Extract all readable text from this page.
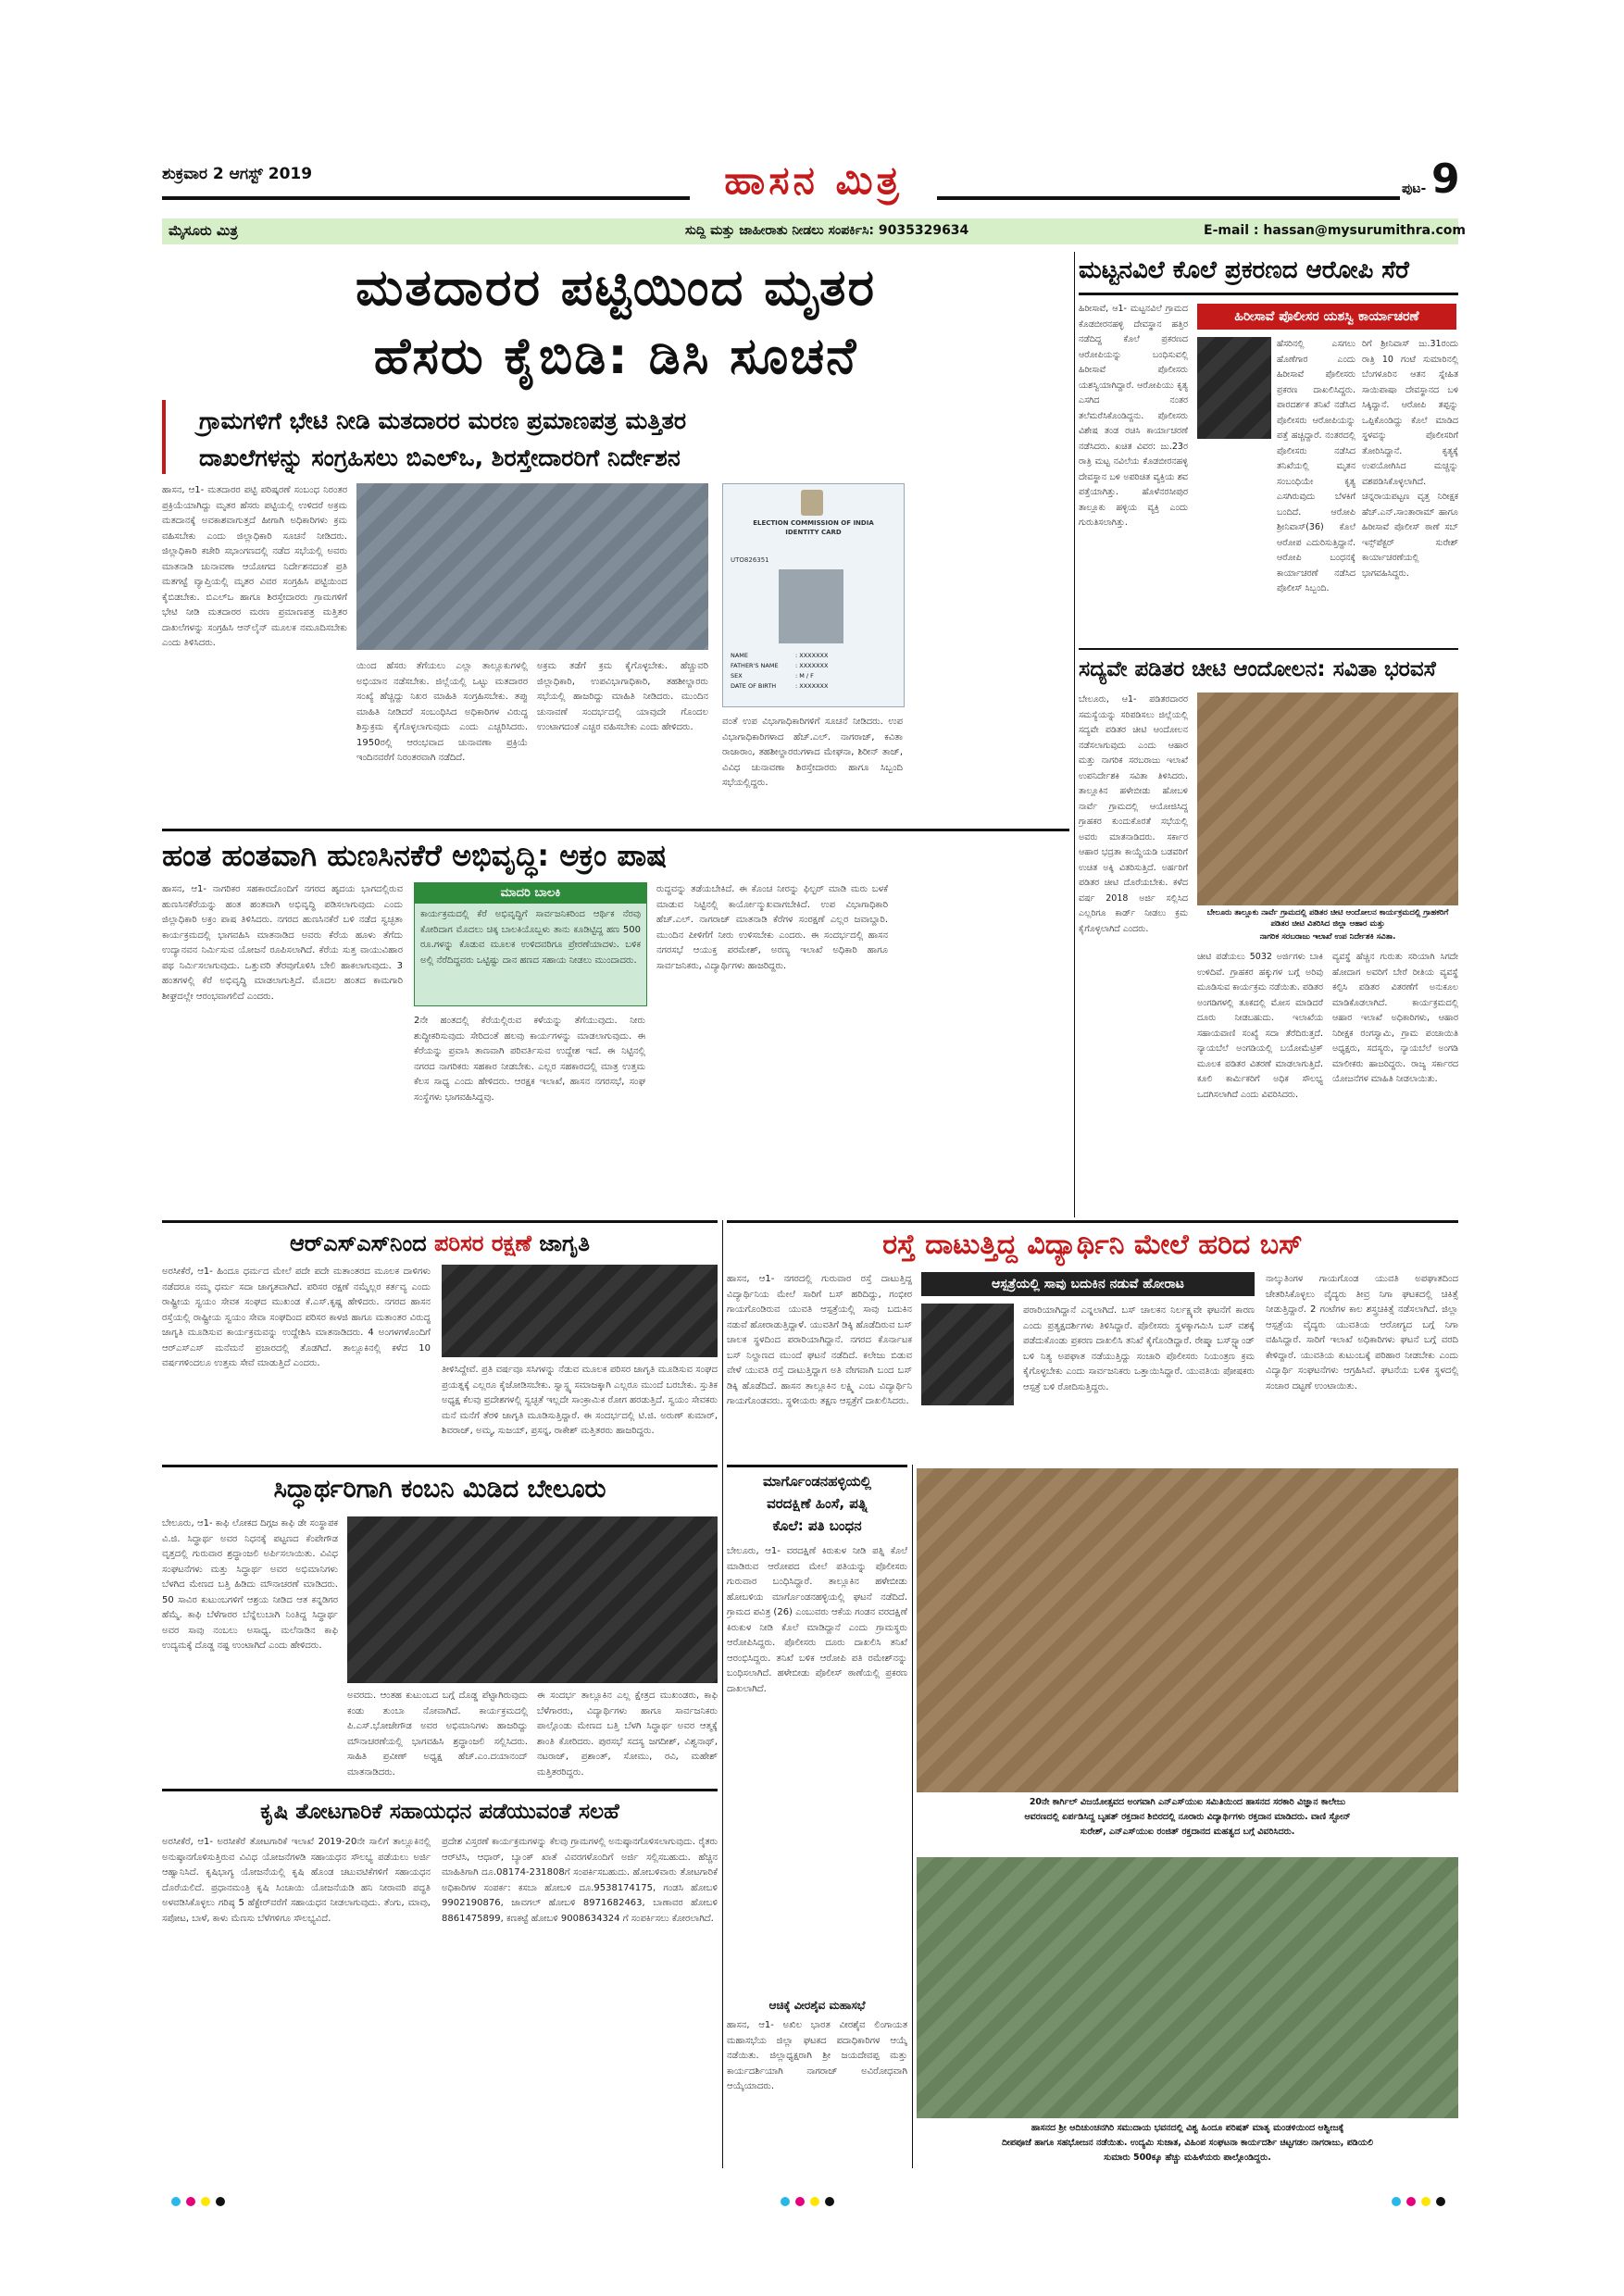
ಶುಕ್ರವಾರ 2 ಆಗಸ್ಟ್ 2019	ಹಾಸನ ಮಿತ್ರ	ಪುಟ- 9
ಮೈಸೂರು ಮಿತ್ರ	ಸುದ್ದಿ ಮತ್ತು ಜಾಹೀರಾತು ನೀಡಲು ಸಂಪರ್ಕಿಸಿ: 9035329634	E-mail : hassan@mysurumithra.com
ಮತದಾರರ ಪಟ್ಟಿಯಿಂದ ಮೃತರ
ಹೆಸರು ಕೈಬಿಡಿ: ಡಿಸಿ ಸೂಚನೆ
ಗ್ರಾಮಗಳಿಗೆ ಭೇಟಿ ನೀಡಿ ಮತದಾರರ ಮರಣ ಪ್ರಮಾಣಪತ್ರ ಮತ್ತಿತರ
ದಾಖಲೆಗಳನ್ನು ಸಂಗ್ರಹಿಸಲು ಬಿಎಲ್‌ಒ, ಶಿರಸ್ತೇದಾರರಿಗೆ ನಿರ್ದೇಶನ
ಹಾಸನ, ಆ1- ಮತದಾರರ ಪಟ್ಟಿ ಪರಿಷ್ಕರಣೆ ಸಂಬಂಧ ನಿರಂತರ ಪ್ರಕ್ರಿಯೆಯಾಗಿದ್ದು ಮೃತರ ಹೆಸರು ಪಟ್ಟಿಯಲ್ಲಿ ಉಳಿದರೆ ಅಕ್ರಮ ಮತದಾನಕ್ಕೆ ಅವಕಾಶವಾಗುತ್ತದೆ ಹೀಗಾಗಿ ಅಧಿಕಾರಿಗಳು ಕ್ರಮ ವಹಿಸಬೇಕು ಎಂದು ಜಿಲ್ಲಾಧಿಕಾರಿ ಸೂಚನೆ ನೀಡಿದರು. ಜಿಲ್ಲಾಧಿಕಾರಿ ಕಚೇರಿ ಸಭಾಂಗಣದಲ್ಲಿ ನಡೆದ ಸಭೆಯಲ್ಲಿ ಅವರು ಮಾತನಾಡಿ ಚುನಾವಣಾ ಆಯೋಗದ ನಿರ್ದೇಶನದಂತೆ ಪ್ರತಿ ಮತಗಟ್ಟೆ ವ್ಯಾಪ್ತಿಯಲ್ಲಿ ಮೃತರ ವಿವರ ಸಂಗ್ರಹಿಸಿ ಪಟ್ಟಿಯಿಂದ ಕೈಬಿಡಬೇಕು. ಬಿಎಲ್‌ಒ ಹಾಗೂ ಶಿರಸ್ತೇದಾರರು ಗ್ರಾಮಗಳಿಗೆ ಭೇಟಿ ನೀಡಿ ಮತದಾರರ ಮರಣ ಪ್ರಮಾಣಪತ್ರ ಮತ್ತಿತರ ದಾಖಲೆಗಳನ್ನು ಸಂಗ್ರಹಿಸಿ ಆನ್‌ಲೈನ್ ಮೂಲಕ ನಮೂದಿಸಬೇಕು ಎಂದು ತಿಳಿಸಿದರು.
ಯಿಂದ ಹೆಸರು ತೆಗೆಯಲು ಎಲ್ಲಾ ತಾಲ್ಲೂಕುಗಳಲ್ಲಿ ಅಭಿಯಾನ ನಡೆಸಬೇಕು. ಜಿಲ್ಲೆಯಲ್ಲಿ ಒಟ್ಟು ಮತದಾರರ ಸಂಖ್ಯೆ ಹೆಚ್ಚಿದ್ದು ನಿಖರ ಮಾಹಿತಿ ಸಂಗ್ರಹಿಸಬೇಕು. ತಪ್ಪು ಮಾಹಿತಿ ನೀಡಿದರೆ ಸಂಬಂಧಿಸಿದ ಅಧಿಕಾರಿಗಳ ವಿರುದ್ಧ ಶಿಸ್ತುಕ್ರಮ ಕೈಗೊಳ್ಳಲಾಗುವುದು ಎಂದು ಎಚ್ಚರಿಸಿದರು. 1950ರಲ್ಲಿ ಆರಂಭವಾದ ಚುನಾವಣಾ ಪ್ರಕ್ರಿಯೆ ಇಂದಿನವರೆಗೆ ನಿರಂತರವಾಗಿ ನಡೆದಿದೆ.
ಅಕ್ರಮ ತಡೆಗೆ ಕ್ರಮ ಕೈಗೊಳ್ಳಬೇಕು. ಹೆಚ್ಚುವರಿ ಜಿಲ್ಲಾಧಿಕಾರಿ, ಉಪವಿಭಾಗಾಧಿಕಾರಿ, ತಹಶೀಲ್ದಾರರು ಸಭೆಯಲ್ಲಿ ಹಾಜರಿದ್ದು ಮಾಹಿತಿ ನೀಡಿದರು. ಮುಂದಿನ ಚುನಾವಣೆ ಸಂದರ್ಭದಲ್ಲಿ ಯಾವುದೇ ಗೊಂದಲ ಉಂಟಾಗದಂತೆ ಎಚ್ಚರ ವಹಿಸಬೇಕು ಎಂದು ಹೇಳಿದರು.
ELECTION COMMISSION OF INDIA
IDENTITY CARD
UTO826351
NAME	: XXXXXXX
FATHER'S NAME	: XXXXXXX
SEX	: M / F
DATE OF BIRTH	: XXXXXXX
ವಂತೆ ಉಪ ವಿಭಾಗಾಧಿಕಾರಿಗಳಿಗೆ ಸೂಚನೆ ನೀಡಿದರು. ಉಪ ವಿಭಾಗಾಧಿಕಾರಿಗಳಾದ ಹೆಚ್.ಎಲ್. ನಾಗರಾಜ್, ಕವಿತಾ ರಾಜಾರಾಂ, ತಹಶೀಲ್ದಾರರುಗಳಾದ ಮೇಘನಾ, ಶಿರೀನ್ ತಾಜ್, ವಿವಿಧ ಚುನಾವಣಾ ಶಿರಸ್ತೇದಾರರು ಹಾಗೂ ಸಿಬ್ಬಂದಿ ಸಭೆಯಲ್ಲಿದ್ದರು.
ಮಟ್ಟನವಿಲೆ ಕೊಲೆ ಪ್ರಕರಣದ ಆರೋಪಿ ಸೆರೆ
ಹಿರೀಸಾವೆ, ಆ1- ಮಟ್ಟನವಿಲೆ ಗ್ರಾಮದ ಕೊಡಬೀರನಹಳ್ಳಿ ದೇವಸ್ಥಾನ ಹತ್ತಿರ ನಡೆದಿದ್ದ ಕೊಲೆ ಪ್ರಕರಣದ ಆರೋಪಿಯನ್ನು ಬಂಧಿಸುವಲ್ಲಿ ಹಿರೀಸಾವೆ ಪೊಲೀಸರು ಯಶಸ್ವಿಯಾಗಿದ್ದಾರೆ. ಆರೋಪಿಯು ಕೃತ್ಯ ಎಸಗಿದ ನಂತರ ತಲೆಮರೆಸಿಕೊಂಡಿದ್ದನು. ಪೊಲೀಸರು ವಿಶೇಷ ತಂಡ ರಚಿಸಿ ಕಾರ್ಯಾಚರಣೆ ನಡೆಸಿದರು. ಖಚಿತ ವಿವರ: ಜು.23ರ ರಾತ್ರಿ ಮಟ್ಟ ನವಿಲೆಯ ಕೊಡಬೀರನಹಳ್ಳಿ ದೇವಸ್ಥಾನ ಬಳಿ ಅಪರಿಚಿತ ವ್ಯಕ್ತಿಯ ಶವ ಪತ್ತೆಯಾಗಿತ್ತು. ಹೊಳೆನರಸೀಪುರ ತಾಲ್ಲೂಕು ಹಳ್ಳಿಯ ವ್ಯಕ್ತಿ ಎಂದು ಗುರುತಿಸಲಾಗಿತ್ತು.
ಹಿರೀಸಾವೆ ಪೊಲೀಸರ ಯಶಸ್ವಿ ಕಾರ್ಯಾಚರಣೆ
ಹೆಸರಿನಲ್ಲಿ ಎಸಗಲು ಹೊಣೆಗಾರ ಎಂದು ಹಿರೀಸಾವೆ ಪೊಲೀಸರು ಪ್ರಕರಣ ದಾಖಲಿಸಿದ್ದರು. ಪಾರದರ್ಶಕ ತನಿಖೆ ನಡೆಸಿದ ಪೊಲೀಸರು ಆರೋಪಿಯನ್ನು ಪತ್ತೆ ಹಚ್ಚಿದ್ದಾರೆ. ನಂತರದಲ್ಲಿ ಪೊಲೀಸರು ನಡೆಸಿದ ತನಿಖೆಯಲ್ಲಿ ಮೃತನ ಸಂಬಂಧಿಯೇ ಕೃತ್ಯ ಎಸಗಿರುವುದು ಬೆಳಕಿಗೆ ಬಂದಿದೆ. ಆರೋಪಿ ಶ್ರೀನಿವಾಸ್(36) ಕೊಲೆ ಆರೋಪ ಎದುರಿಸುತ್ತಿದ್ದಾನೆ. ಆರೋಪಿ ಬಂಧನಕ್ಕೆ ಕಾರ್ಯಾಚರಣೆ ನಡೆಸಿದ ಪೊಲೀಸ್ ಸಿಬ್ಬಂದಿ.
ರಿಗೆ ಶ್ರೀನಿವಾಸ್ ಜು.31ರಂದು ರಾತ್ರಿ 10 ಗಂಟೆ ಸುಮಾರಿನಲ್ಲಿ ಬೆಂಗಳೂರಿನ ಆತನ ಸ್ನೇಹಿತ ಸಾಯಿಪಾಷಾ ದೇವಸ್ಥಾನದ ಬಳಿ ಸಿಕ್ಕಿದ್ದಾನೆ. ಆರೋಪಿ ತಪ್ಪನ್ನು ಒಪ್ಪಿಕೊಂಡಿದ್ದು ಕೊಲೆ ಮಾಡಿದ ಸ್ಥಳವನ್ನು ಪೊಲೀಸರಿಗೆ ತೋರಿಸಿದ್ದಾನೆ. ಕೃತ್ಯಕ್ಕೆ ಉಪಯೋಗಿಸಿದ ಮಚ್ಚನ್ನು ವಶಪಡಿಸಿಕೊಳ್ಳಲಾಗಿದೆ. ಚನ್ನರಾಯಪಟ್ಟಣ ವೃತ್ತ ನಿರೀಕ್ಷಕ ಹೆಚ್.ಎನ್.ಸಾಂತಾರಾಮ್ ಹಾಗೂ ಹಿರೀಸಾವೆ ಪೊಲೀಸ್ ಠಾಣೆ ಸಬ್ ಇನ್ಸ್‌ಪೆಕ್ಟರ್ ಸುರೇಶ್ ಕಾರ್ಯಾಚರಣೆಯಲ್ಲಿ ಭಾಗವಹಿಸಿದ್ದರು.
ಸದ್ಯವೇ ಪಡಿತರ ಚೀಟಿ ಆಂದೋಲನ: ಸವಿತಾ ಭರವಸೆ
ಬೇಲೂರು, ಆ1- ಪಡಿತರದಾರರ ಸಮಸ್ಯೆಯನ್ನು ಸರಿಪಡಿಸಲು ಜಿಲ್ಲೆಯಲ್ಲಿ ಸದ್ಯವೇ ಪಡಿತರ ಚೀಟಿ ಆಂದೋಲನ ನಡೆಸಲಾಗುವುದು ಎಂದು ಆಹಾರ ಮತ್ತು ನಾಗರಿಕ ಸರಬರಾಜು ಇಲಾಖೆ ಉಪನಿರ್ದೇಶಕಿ ಸವಿತಾ ತಿಳಿಸಿದರು. ತಾಲ್ಲೂಕಿನ ಹಳೇಬೀಡು ಹೋಬಳಿ ನಾರ್ವೆ ಗ್ರಾಮದಲ್ಲಿ ಆಯೋಜಿಸಿದ್ದ ಗ್ರಾಹಕರ ಕುಂದುಕೊರತೆ ಸಭೆಯಲ್ಲಿ ಅವರು ಮಾತನಾಡಿದರು. ಸರ್ಕಾರ ಆಹಾರ ಭದ್ರತಾ ಕಾಯ್ದೆಯಡಿ ಬಡವರಿಗೆ ಉಚಿತ ಅಕ್ಕಿ ವಿತರಿಸುತ್ತಿದೆ. ಅರ್ಹರಿಗೆ ಪಡಿತರ ಚೀಟಿ ದೊರೆಯಬೇಕು. ಕಳೆದ ವರ್ಷ 2018 ಅರ್ಜಿ ಸಲ್ಲಿಸಿದ ಎಲ್ಲರಿಗೂ ಕಾರ್ಡ್ ನೀಡಲು ಕ್ರಮ ಕೈಗೊಳ್ಳಲಾಗಿದೆ ಎಂದರು.
ಬೇಲೂರು ತಾಲ್ಲೂಕು ನಾರ್ವೆ ಗ್ರಾಮದಲ್ಲಿ ಪಡಿತರ ಚೀಟಿ ಆಂದೋಲನ ಕಾರ್ಯಕ್ರಮದಲ್ಲಿ ಗ್ರಾಹಕರಿಗೆ ಪಡಿತರ ಚೀಟಿ ವಿತರಿಸಿದ ಜಿಲ್ಲಾ ಆಹಾರ ಮತ್ತು
ನಾಗರಿಕ ಸರಬರಾಜು ಇಲಾಖೆ ಉಪ ನಿರ್ದೇಶಕಿ ಸವಿತಾ.
ಚೀಟಿ ಪಡೆಯಲು 5032 ಅರ್ಜಿಗಳು ಬಾಕಿ ಉಳಿದಿವೆ. ಗ್ರಾಹಕರ ಹಕ್ಕುಗಳ ಬಗ್ಗೆ ಅರಿವು ಮೂಡಿಸುವ ಕಾರ್ಯಕ್ರಮ ನಡೆಯಿತು. ಪಡಿತರ ಅಂಗಡಿಗಳಲ್ಲಿ ತೂಕದಲ್ಲಿ ಮೋಸ ಮಾಡಿದರೆ ದೂರು ನೀಡಬಹುದು. ಇಲಾಖೆಯ ಸಹಾಯವಾಣಿ ಸಂಖ್ಯೆ ಸದಾ ತೆರೆದಿರುತ್ತದೆ. ನ್ಯಾಯಬೆಲೆ ಅಂಗಡಿಯಲ್ಲಿ ಬಯೋಮೆಟ್ರಿಕ್ ಮೂಲಕ ಪಡಿತರ ವಿತರಣೆ ಮಾಡಲಾಗುತ್ತಿದೆ. ಕೂಲಿ ಕಾರ್ಮಿಕರಿಗೆ ಅಧಿಕ ಸೌಲಭ್ಯ ಒದಗಿಸಲಾಗಿದೆ ಎಂದು ವಿವರಿಸಿದರು.
ವ್ಯವಸ್ಥೆ ಹೆಚ್ಚಿನ ಗುರುತು ಸರಿಯಾಗಿ ಸಿಗದೇ ಹೋದಾಗ ಅವರಿಗೆ ಬೇರೆ ರೀತಿಯ ವ್ಯವಸ್ಥೆ ಕಲ್ಪಿಸಿ ಪಡಿತರ ವಿತರಣೆಗೆ ಅನುಕೂಲ ಮಾಡಿಕೊಡಲಾಗಿದೆ. ಕಾರ್ಯಕ್ರಮದಲ್ಲಿ ಆಹಾರ ಇಲಾಖೆ ಅಧಿಕಾರಿಗಳು, ಆಹಾರ ನಿರೀಕ್ಷಕ ರಂಗಸ್ವಾಮಿ, ಗ್ರಾಮ ಪಂಚಾಯಿತಿ ಅಧ್ಯಕ್ಷರು, ಸದಸ್ಯರು, ನ್ಯಾಯಬೆಲೆ ಅಂಗಡಿ ಮಾಲೀಕರು ಹಾಜರಿದ್ದರು. ರಾಜ್ಯ ಸರ್ಕಾರದ ಯೋಜನೆಗಳ ಮಾಹಿತಿ ನೀಡಲಾಯಿತು.
ಹಂತ ಹಂತವಾಗಿ ಹುಣಸಿನಕೆರೆ ಅಭಿವೃದ್ಧಿ: ಅಕ್ರಂ ಪಾಷ
ಹಾಸನ, ಆ1- ನಾಗರಿಕರ ಸಹಕಾರದೊಂದಿಗೆ ನಗರದ ಹೃದಯ ಭಾಗದಲ್ಲಿರುವ ಹುಣಸಿನಕೆರೆಯನ್ನು ಹಂತ ಹಂತವಾಗಿ ಅಭಿವೃದ್ಧಿ ಪಡಿಸಲಾಗುವುದು ಎಂದು ಜಿಲ್ಲಾಧಿಕಾರಿ ಅಕ್ರಂ ಪಾಷ ತಿಳಿಸಿದರು. ನಗರದ ಹುಣಸಿನಕೆರೆ ಬಳಿ ನಡೆದ ಸ್ವಚ್ಛತಾ ಕಾರ್ಯಕ್ರಮದಲ್ಲಿ ಭಾಗವಹಿಸಿ ಮಾತನಾಡಿದ ಅವರು ಕೆರೆಯ ಹೂಳು ತೆಗೆದು ಉದ್ಯಾನವನ ನಿರ್ಮಿಸುವ ಯೋಜನೆ ರೂಪಿಸಲಾಗಿದೆ. ಕೆರೆಯ ಸುತ್ತ ವಾಯುವಿಹಾರ ಪಥ ನಿರ್ಮಿಸಲಾಗುವುದು. ಒತ್ತುವರಿ ತೆರವುಗೊಳಿಸಿ ಬೇಲಿ ಹಾಕಲಾಗುವುದು. 3 ಹಂತಗಳಲ್ಲಿ ಕೆರೆ ಅಭಿವೃದ್ಧಿ ಮಾಡಲಾಗುತ್ತಿದೆ. ಮೊದಲ ಹಂತದ ಕಾಮಗಾರಿ ಶೀಘ್ರದಲ್ಲೇ ಆರಂಭವಾಗಲಿದೆ ಎಂದರು.
ಮಾದರಿ ಬಾಲಕಿ
ಕಾರ್ಯಕ್ರಮದಲ್ಲಿ ಕೆರೆ ಅಭಿವೃದ್ಧಿಗೆ ಸಾರ್ವಜನಿಕರಿಂದ ಆರ್ಥಿಕ ನೆರವು ಕೋರಿದಾಗ ಮೊದಲು ಚಿಕ್ಕ ಬಾಲಕಿಯೊಬ್ಬಳು ತಾನು ಕೂಡಿಟ್ಟಿದ್ದ ಹಣ 500 ರೂ.ಗಳನ್ನು ಕೊಡುವ ಮೂಲಕ ಉಳಿದವರಿಗೂ ಪ್ರೇರಣೆಯಾದಳು. ಬಳಿಕ ಅಲ್ಲಿ ನೆರೆದಿದ್ದವರು ಒಟ್ಟಿಷ್ಟು ದಾನ ಹಣದ ಸಹಾಯ ನೀಡಲು ಮುಂದಾದರು.
2ನೇ ಹಂತದಲ್ಲಿ ಕೆರೆಯಲ್ಲಿರುವ ಕಳೆಯನ್ನು ತೆಗೆಯುವುದು. ನೀರು ಶುದ್ಧೀಕರಿಸುವುದು ಸೇರಿದಂತೆ ಹಲವು ಕಾರ್ಯಗಳನ್ನು ಮಾಡಲಾಗುವುದು. ಈ ಕೆರೆಯನ್ನು ಪ್ರವಾಸಿ ತಾಣವಾಗಿ ಪರಿವರ್ತಿಸುವ ಉದ್ದೇಶ ಇದೆ. ಈ ನಿಟ್ಟಿನಲ್ಲಿ ನಗರದ ನಾಗರಿಕರು ಸಹಕಾರ ನೀಡಬೇಕು. ಎಲ್ಲರ ಸಹಕಾರದಲ್ಲಿ ಮಾತ್ರ ಉತ್ತಮ ಕೆಲಸ ಸಾಧ್ಯ ಎಂದು ಹೇಳಿದರು. ಆರಕ್ಷಕ ಇಲಾಖೆ, ಹಾಸನ ನಗರಸಭೆ, ಸಂಘ ಸಂಸ್ಥೆಗಳು ಭಾಗವಹಿಸಿದ್ದವು.
ರುದ್ಧವನ್ನು ತಡೆಯಬೇಕಿದೆ. ಈ ಕೊಂಚ ನೀರನ್ನು ಫಿಲ್ಟರ್ ಮಾಡಿ ಮರು ಬಳಕೆ ಮಾಡುವ ನಿಟ್ಟಿನಲ್ಲಿ ಕಾರ್ಯೋನ್ಮುಖವಾಗಬೇಕಿದೆ. ಉಪ ವಿಭಾಗಾಧಿಕಾರಿ ಹೆಚ್.ಎಲ್. ನಾಗರಾಜ್ ಮಾತನಾಡಿ ಕೆರೆಗಳ ಸಂರಕ್ಷಣೆ ಎಲ್ಲರ ಜವಾಬ್ದಾರಿ. ಮುಂದಿನ ಪೀಳಿಗೆಗೆ ನೀರು ಉಳಿಸಬೇಕು ಎಂದರು. ಈ ಸಂದರ್ಭದಲ್ಲಿ ಹಾಸನ ನಗರಸಭೆ ಆಯುಕ್ತ ಪರಮೇಶ್, ಅರಣ್ಯ ಇಲಾಖೆ ಅಧಿಕಾರಿ ಹಾಗೂ ಸಾರ್ವಜನಿಕರು, ವಿದ್ಯಾರ್ಥಿಗಳು ಹಾಜರಿದ್ದರು.
ಆರ್‌ಎಸ್‌ಎಸ್‌ನಿಂದ ಪರಿಸರ ರಕ್ಷಣೆ ಜಾಗೃತಿ
ಅರಸೀಕೆರೆ, ಆ1- ಹಿಂದೂ ಧರ್ಮದ ಮೇಲೆ ಪದೇ ಪದೇ ಮತಾಂತರದ ಮೂಲಕ ದಾಳಿಗಳು ನಡೆದರೂ ನಮ್ಮ ಧರ್ಮ ಸದಾ ಜಾಗೃತವಾಗಿದೆ. ಪರಿಸರ ರಕ್ಷಣೆ ನಮ್ಮೆಲ್ಲರ ಕರ್ತವ್ಯ ಎಂದು ರಾಷ್ಟ್ರೀಯ ಸ್ವಯಂ ಸೇವಕ ಸಂಘದ ಮುಖಂಡ ಕೆ.ಎಸ್.ಕೃಷ್ಣ ಹೇಳಿದರು. ನಗರದ ಹಾಸನ ರಸ್ತೆಯಲ್ಲಿ ರಾಷ್ಟ್ರೀಯ ಸ್ವಯಂ ಸೇವಾ ಸಂಘದಿಂದ ಪರಿಸರ ಕಾಳಜಿ ಹಾಗೂ ಮತಾಂತರ ವಿರುದ್ಧ ಜಾಗೃತಿ ಮೂಡಿಸುವ ಕಾರ್ಯಕ್ರಮವನ್ನು ಉದ್ದೇಶಿಸಿ ಮಾತನಾಡಿದರು. 4 ಅಂಗಳಗಳೊಂದಿಗೆ ಆರ್‌ಎಸ್‌ಎಸ್ ಮನೆಮನೆ ಪ್ರಚಾರದಲ್ಲಿ ತೊಡಗಿದೆ. ತಾಲ್ಲೂಕಿನಲ್ಲಿ ಕಳೆದ 10 ವರ್ಷಗಳಿಂದಲೂ ಉತ್ತಮ ಸೇವೆ ಮಾಡುತ್ತಿದೆ ಎಂದರು.
ತೀಳಿಸಿದ್ದೇವೆ. ಪ್ರತಿ ವರ್ಷವೂ ಸಸಿಗಳನ್ನು ನೆಡುವ ಮೂಲಕ ಪರಿಸರ ಜಾಗೃತಿ ಮೂಡಿಸುವ ಸಂಘದ ಪ್ರಯತ್ನಕ್ಕೆ ಎಲ್ಲರೂ ಕೈಜೋಡಿಸಬೇಕು. ಸ್ವಾಸ್ಥ್ಯ ಸಮಾಜಕ್ಕಾಗಿ ಎಲ್ಲರೂ ಮುಂದೆ ಬರಬೇಕು. ಸ್ತುತಿಕ ಅಧ್ಯಕ್ಷ ಕೆಲವು ಪ್ರದೇಶಗಳಲ್ಲಿ ಸ್ವಚ್ಛತೆ ಇಲ್ಲದೇ ಸಾಂಕ್ರಾಮಿಕ ರೋಗ ಹರಡುತ್ತಿದೆ. ಸ್ವಯಂ ಸೇವಕರು ಮನೆ ಮನೆಗೆ ತೆರಳಿ ಜಾಗೃತಿ ಮೂಡಿಸುತ್ತಿದ್ದಾರೆ. ಈ ಸಂದರ್ಭದಲ್ಲಿ ಟಿ.ಜಿ. ಅರುಣ್ ಕುಮಾರ್, ಶಿವರಾಜ್, ಅಮ್ಮ, ಸುಜಯ್, ಪ್ರಸನ್ನ, ರಾಕೇಶ್ ಮತ್ತಿತರರು ಹಾಜರಿದ್ದರು.
ರಸ್ತೆ ದಾಟುತ್ತಿದ್ದ ವಿದ್ಯಾರ್ಥಿನಿ ಮೇಲೆ ಹರಿದ ಬಸ್
ಹಾಸನ, ಆ1- ನಗರದಲ್ಲಿ ಗುರುವಾರ ರಸ್ತೆ ದಾಟುತ್ತಿದ್ದ ವಿದ್ಯಾರ್ಥಿನಿಯ ಮೇಲೆ ಸಾರಿಗೆ ಬಸ್ ಹರಿದಿದ್ದು, ಗಂಭೀರ ಗಾಯಗೊಂಡಿರುವ ಯುವತಿ ಆಸ್ಪತ್ರೆಯಲ್ಲಿ ಸಾವು ಬದುಕಿನ ನಡುವೆ ಹೋರಾಡುತ್ತಿದ್ದಾಳೆ. ಯುವತಿಗೆ ಡಿಕ್ಕಿ ಹೊಡೆದಿರುವ ಬಸ್ ಚಾಲಕ ಸ್ಥಳದಿಂದ ಪರಾರಿಯಾಗಿದ್ದಾನೆ. ನಗರದ ಕೊರ್ನಾಟಕ ಬಸ್ ನಿಲ್ದಾಣದ ಮುಂದೆ ಘಟನೆ ನಡೆದಿದೆ. ಕಲೇಜು ಬಿಡುವ ವೇಳೆ ಯುವತಿ ರಸ್ತೆ ದಾಟುತ್ತಿದ್ದಾಗ ಅತಿ ವೇಗವಾಗಿ ಬಂದ ಬಸ್ ಡಿಕ್ಕಿ ಹೊಡೆದಿದೆ. ಹಾಸನ ತಾಲ್ಲೂಕಿನ ಲಕ್ಷ್ಮಿ ಎಂಬ ವಿದ್ಯಾರ್ಥಿನಿ ಗಾಯಗೊಂಡವರು. ಸ್ಥಳೀಯರು ತಕ್ಷಣ ಆಸ್ಪತ್ರೆಗೆ ದಾಖಲಿಸಿದರು.
ಆಸ್ಪತ್ರೆಯಲ್ಲಿ ಸಾವು ಬದುಕಿನ ನಡುವೆ ಹೋರಾಟ
ಪರಾರಿಯಾಗಿದ್ದಾನೆ ಎನ್ನಲಾಗಿದೆ. ಬಸ್ ಚಾಲಕನ ನಿರ್ಲಕ್ಷ್ಯವೇ ಘಟನೆಗೆ ಕಾರಣ ಎಂದು ಪ್ರತ್ಯಕ್ಷದರ್ಶಿಗಳು ತಿಳಿಸಿದ್ದಾರೆ. ಪೊಲೀಸರು ಸ್ಥಳಕ್ಕಾಗಮಿಸಿ ಬಸ್ ವಶಕ್ಕೆ ಪಡೆದುಕೊಂಡು ಪ್ರಕರಣ ದಾಖಲಿಸಿ ತನಿಖೆ ಕೈಗೊಂಡಿದ್ದಾರೆ. ರೇಷ್ಮಾ ಬಸ್‌ಸ್ಟ್ಯಾಂಡ್ ಬಳಿ ನಿತ್ಯ ಅಪಘಾತ ನಡೆಯುತ್ತಿದ್ದು ಸಂಚಾರಿ ಪೊಲೀಸರು ನಿಯಂತ್ರಣ ಕ್ರಮ ಕೈಗೊಳ್ಳಬೇಕು ಎಂದು ಸಾರ್ವಜನಿಕರು ಒತ್ತಾಯಿಸಿದ್ದಾರೆ. ಯುವತಿಯ ಪೋಷಕರು ಆಸ್ಪತ್ರೆ ಬಳಿ ರೋದಿಸುತ್ತಿದ್ದರು.
ನಾಲ್ಕುತಿಂಗಳ ಗಾಯಗೊಂಡ ಯುವತಿ ಅಪಘಾತದಿಂದ ಚೇತರಿಸಿಕೊಳ್ಳಲು ವೈದ್ಯರು ತೀವ್ರ ನಿಗಾ ಘಟಕದಲ್ಲಿ ಚಿಕಿತ್ಸೆ ನೀಡುತ್ತಿದ್ದಾರೆ. 2 ಗಂಟೆಗಳ ಕಾಲ ಶಸ್ತ್ರಚಿಕಿತ್ಸೆ ನಡೆಸಲಾಗಿದೆ. ಜಿಲ್ಲಾ ಆಸ್ಪತ್ರೆಯ ವೈದ್ಯರು ಯುವತಿಯ ಆರೋಗ್ಯದ ಬಗ್ಗೆ ನಿಗಾ ವಹಿಸಿದ್ದಾರೆ. ಸಾರಿಗೆ ಇಲಾಖೆ ಅಧಿಕಾರಿಗಳು ಘಟನೆ ಬಗ್ಗೆ ವರದಿ ಕೇಳಿದ್ದಾರೆ. ಯುವತಿಯ ಕುಟುಂಬಕ್ಕೆ ಪರಿಹಾರ ನೀಡಬೇಕು ಎಂದು ವಿದ್ಯಾರ್ಥಿ ಸಂಘಟನೆಗಳು ಆಗ್ರಹಿಸಿವೆ. ಘಟನೆಯ ಬಳಿಕ ಸ್ಥಳದಲ್ಲಿ ಸಂಚಾರ ದಟ್ಟಣೆ ಉಂಟಾಯಿತು.
ಸಿದ್ಧಾರ್ಥರಿಗಾಗಿ ಕಂಬನಿ ಮಿಡಿದ ಬೇಲೂರು
ಬೇಲೂರು, ಆ1- ಕಾಫಿ ಲೋಕದ ದಿಗ್ಗಜ ಕಾಫಿ ಡೇ ಸಂಸ್ಥಾಪಕ ವಿ.ಜಿ. ಸಿದ್ಧಾರ್ಥ ಅವರ ನಿಧನಕ್ಕೆ ಪಟ್ಟಣದ ಕೆಂಪೇಗೌಡ ವೃತ್ತದಲ್ಲಿ ಗುರುವಾರ ಶ್ರದ್ಧಾಂಜಲಿ ಅರ್ಪಿಸಲಾಯಿತು. ವಿವಿಧ ಸಂಘಟನೆಗಳು ಮತ್ತು ಸಿದ್ಧಾರ್ಥ ಅವರ ಅಭಿಮಾನಿಗಳು ಬೆಳಗಿದ ಮೇಣದ ಬತ್ತಿ ಹಿಡಿದು ಮೌನಾಚರಣೆ ಮಾಡಿದರು. 50 ಸಾವಿರ ಕುಟುಂಬಗಳಿಗೆ ಆಶ್ರಯ ನೀಡಿದ ಆತ ಕನ್ನಡಿಗರ ಹೆಮ್ಮೆ. ಕಾಫಿ ಬೆಳೆಗಾರರ ಬೆನ್ನೆಲುಬಾಗಿ ನಿಂತಿದ್ದ ಸಿದ್ಧಾರ್ಥ ಅವರ ಸಾವು ನಂಬಲು ಅಸಾಧ್ಯ. ಮಲೆನಾಡಿನ ಕಾಫಿ ಉದ್ಯಮಕ್ಕೆ ದೊಡ್ಡ ನಷ್ಟ ಉಂಟಾಗಿದೆ ಎಂದು ಹೇಳಿದರು.
ಅವರದು. ಆಂತಹ ಕುಟುಂಬದ ಬಗ್ಗೆ ದೊಡ್ಡ ಪೆಟ್ಟಾಗಿರುವುದು ಕಂಡು ತುಂಬಾ ನೋವಾಗಿದೆ. ಕಾರ್ಯಕ್ರಮದಲ್ಲಿ ಪಿ.ಎಸ್.ಭೋಜೇಗೌಡ ಅವರ ಅಭಿಮಾನಿಗಳು ಹಾಜರಿದ್ದು ಮೌನಾಚರಣೆಯಲ್ಲಿ ಭಾಗವಹಿಸಿ ಶ್ರದ್ಧಾಂಜಲಿ ಸಲ್ಲಿಸಿದರು. ಸಾಹಿತಿ ಪ್ರವೀಣ್ ಅಧ್ಯಕ್ಷ ಹೆಚ್.ಎಂ.ದಯಾನಂದ್ ಮಾತನಾಡಿದರು.
ಈ ಸಂದರ್ಭ ತಾಲ್ಲೂಕಿನ ಎಲ್ಲ ಕ್ಷೇತ್ರದ ಮುಖಂಡರು, ಕಾಫಿ ಬೆಳೆಗಾರರು, ವಿದ್ಯಾರ್ಥಿಗಳು ಹಾಗೂ ಸಾರ್ವಜನಿಕರು ಪಾಲ್ಗೊಂಡು ಮೇಣದ ಬತ್ತಿ ಬೆಳಗಿ ಸಿದ್ಧಾರ್ಥ ಅವರ ಆತ್ಮಕ್ಕೆ ಶಾಂತಿ ಕೋರಿದರು. ಪುರಸಭೆ ಸದಸ್ಯ ಜಗದೀಶ್, ವಿಶ್ವನಾಥ್, ನಟರಾಜ್, ಪ್ರಶಾಂತ್, ಸೋಮು, ರವಿ, ಮಹೇಶ್ ಮತ್ತಿತರರಿದ್ದರು.
ಮಾರ್ಗೊಂಡನಹಳ್ಳಿಯಲ್ಲಿ
ವರದಕ್ಷಿಣೆ ಹಿಂಸೆ, ಪತ್ನಿ
ಕೊಲೆ: ಪತಿ ಬಂಧನ
ಬೇಲೂರು, ಆ1- ವರದಕ್ಷಿಣೆ ಕಿರುಕುಳ ನೀಡಿ ಪತ್ನಿ ಕೊಲೆ ಮಾಡಿರುವ ಆರೋಪದ ಮೇಲೆ ಪತಿಯನ್ನು ಪೊಲೀಸರು ಗುರುವಾರ ಬಂಧಿಸಿದ್ದಾರೆ. ತಾಲ್ಲೂಕಿನ ಹಳೇಬೀಡು ಹೋಬಳಿಯ ಮಾರ್ಗೊಂಡನಹಳ್ಳಿಯಲ್ಲಿ ಘಟನೆ ನಡೆದಿದೆ. ಗ್ರಾಮದ ಪವಿತ್ರ (26) ಎಂಬುವರು ಆಕೆಯ ಗಂಡನ ವರದಕ್ಷಿಣೆ ಕಿರುಕುಳ ನೀಡಿ ಕೊಲೆ ಮಾಡಿದ್ದಾನೆ ಎಂದು ಗ್ರಾಮಸ್ಥರು ಆರೋಪಿಸಿದ್ದರು. ಪೊಲೀಸರು ದೂರು ದಾಖಲಿಸಿ ತನಿಖೆ ಆರಂಭಿಸಿದ್ದರು. ತನಿಖೆ ಬಳಿಕ ಆರೋಪಿ ಪತಿ ರಮೇಶ್‌ನನ್ನು ಬಂಧಿಸಲಾಗಿದೆ. ಹಳೇಬೀಡು ಪೊಲೀಸ್ ಠಾಣೆಯಲ್ಲಿ ಪ್ರಕರಣ ದಾಖಲಾಗಿದೆ.
ಆಚಿಕ್ಕೆ ವೀರಶೈವ ಮಹಾಸಭೆ
ಹಾಸನ, ಆ1- ಅಖಿಲ ಭಾರತ ವೀರಶೈವ ಲಿಂಗಾಯತ ಮಹಾಸಭೆಯ ಜಿಲ್ಲಾ ಘಟಕದ ಪದಾಧಿಕಾರಿಗಳ ಆಯ್ಕೆ ನಡೆಯಿತು. ಜಿಲ್ಲಾಧ್ಯಕ್ಷರಾಗಿ ಶ್ರೀ ಜಯದೇವಪ್ಪ ಮತ್ತು ಕಾರ್ಯದರ್ಶಿಯಾಗಿ ನಾಗರಾಜ್ ಅವಿರೋಧವಾಗಿ ಆಯ್ಕೆಯಾದರು.
20ನೇ ಕಾರ್ಗಿಲ್ ವಿಜಯೋತ್ಸವದ ಅಂಗವಾಗಿ ಎನ್‌ಎಸ್‌ಯುಐ ಸಮಿತಿಯಿಂದ ಹಾಸನದ ಸರಕಾರಿ ವಿಜ್ಞಾನ ಕಾಲೇಜು
ಆವರಣದಲ್ಲಿ ಏರ್ಪಡಿಸಿದ್ದ ಬೃಹತ್ ರಕ್ತದಾನ ಶಿಬಿರದಲ್ಲಿ ನೂರಾರು ವಿದ್ಯಾರ್ಥಿಗಳು ರಕ್ತದಾನ ಮಾಡಿದರು. ವಾಣಿ ಸ್ಟೋನ್
ಸುರೇಶ್, ಎನ್‌ಎಸ್‌ಯುಐ ರಂಜಿತ್ ರಕ್ತದಾನದ ಮಹತ್ವದ ಬಗ್ಗೆ ವಿವರಿಸಿದರು.
ಕೃಷಿ ತೋಟಗಾರಿಕೆ ಸಹಾಯಧನ ಪಡೆಯುವಂತೆ ಸಲಹೆ
ಅರಸೀಕೆರೆ, ಆ1- ಅರಸೀಕೆರೆ ತೋಟಗಾರಿಕೆ ಇಲಾಖೆ 2019-20ನೇ ಸಾಲಿಗೆ ತಾಲ್ಲೂಕಿನಲ್ಲಿ ಅನುಷ್ಠಾನಗೊಳಿಸುತ್ತಿರುವ ವಿವಿಧ ಯೋಜನೆಗಳಡಿ ಸಹಾಯಧನ ಸೌಲಭ್ಯ ಪಡೆಯಲು ಅರ್ಜಿ ಆಹ್ವಾನಿಸಿದೆ. ಕೃಷಿಭಾಗ್ಯ ಯೋಜನೆಯಲ್ಲಿ ಕೃಷಿ ಹೊಂಡ ಚಟುವಟಿಕೆಗಳಿಗೆ ಸಹಾಯಧನ ದೊರೆಯಲಿದೆ. ಪ್ರಧಾನಮಂತ್ರಿ ಕೃಷಿ ಸಿಂಚಾಯಿ ಯೋಜನೆಯಡಿ ಹನಿ ನೀರಾವರಿ ಪದ್ಧತಿ ಅಳವಡಿಸಿಕೊಳ್ಳಲು ಗರಿಷ್ಠ 5 ಹೆಕ್ಟೇರ್‌ವರೆಗೆ ಸಹಾಯಧನ ನೀಡಲಾಗುವುದು. ತೆಂಗು, ಮಾವು, ಸಪೋಟ, ಬಾಳೆ, ಕಾಳು ಮೆಣಸು ಬೆಳೆಗಳಿಗೂ ಸೌಲಭ್ಯವಿದೆ.
ಪ್ರದೇಶ ವಿಸ್ತರಣೆ ಕಾರ್ಯಕ್ರಮಗಳನ್ನು ಕೆಲವು ಗ್ರಾಮಗಳಲ್ಲಿ ಅನುಷ್ಠಾನಗೊಳಿಸಲಾಗುವುದು. ರೈತರು ಆರ್‌ಟಿಸಿ, ಆಧಾರ್, ಬ್ಯಾಂಕ್ ಖಾತೆ ವಿವರಗಳೊಂದಿಗೆ ಅರ್ಜಿ ಸಲ್ಲಿಸಬಹುದು. ಹೆಚ್ಚಿನ ಮಾಹಿತಿಗಾಗಿ ದೂ.08174-231808ಗೆ ಸಂಪರ್ಕಿಸಬಹುದು. ಹೋಬಳಿವಾರು ತೋಟಗಾರಿಕೆ ಅಧಿಕಾರಿಗಳ ಸಂಪರ್ಕ: ಕಸಬಾ ಹೋಬಳಿ ದೂ.9538174175, ಗಂಡಸಿ ಹೋಬಳಿ 9902190876, ಜಾವಗಲ್ ಹೋಬಳಿ 8971682463, ಬಾಣಾವರ ಹೋಬಳಿ 8861475899, ಕಣಕಟ್ಟೆ ಹೋಬಳಿ 9008634324 ಗೆ ಸಂಪರ್ಕಿಸಲು ಕೋರಲಾಗಿದೆ.
ಹಾಸನದ ಶ್ರೀ ಆದಿಚುಂಚನಗಿರಿ ಸಮುದಾಯ ಭವನದಲ್ಲಿ ವಿಶ್ವ ಹಿಂದೂ ಪರಿಷತ್ ಮಾತೃ ಮಂಡಳಿಯಿಂದ ಆಶ್ವೀಜಕ್ಕೆ
ದೀಪಪೂಜೆ ಹಾಗೂ ಸಹಭೋಜನ ನಡೆಯಿತು. ಉದ್ಯಮಿ ಸುಜಾತ, ವಿಹಿಂಪ ಸಂಘಟನಾ ಕಾರ್ಯದರ್ಶಿ ಚಿಟ್ಟಗಡಲ ನಾಗರಾಜು, ಪಡಿಯಲಿ
ಸುಮಾರು 500ಕ್ಕೂ ಹೆಚ್ಚು ಮಹಿಳೆಯರು ಪಾಲ್ಗೊಂಡಿದ್ದರು.
